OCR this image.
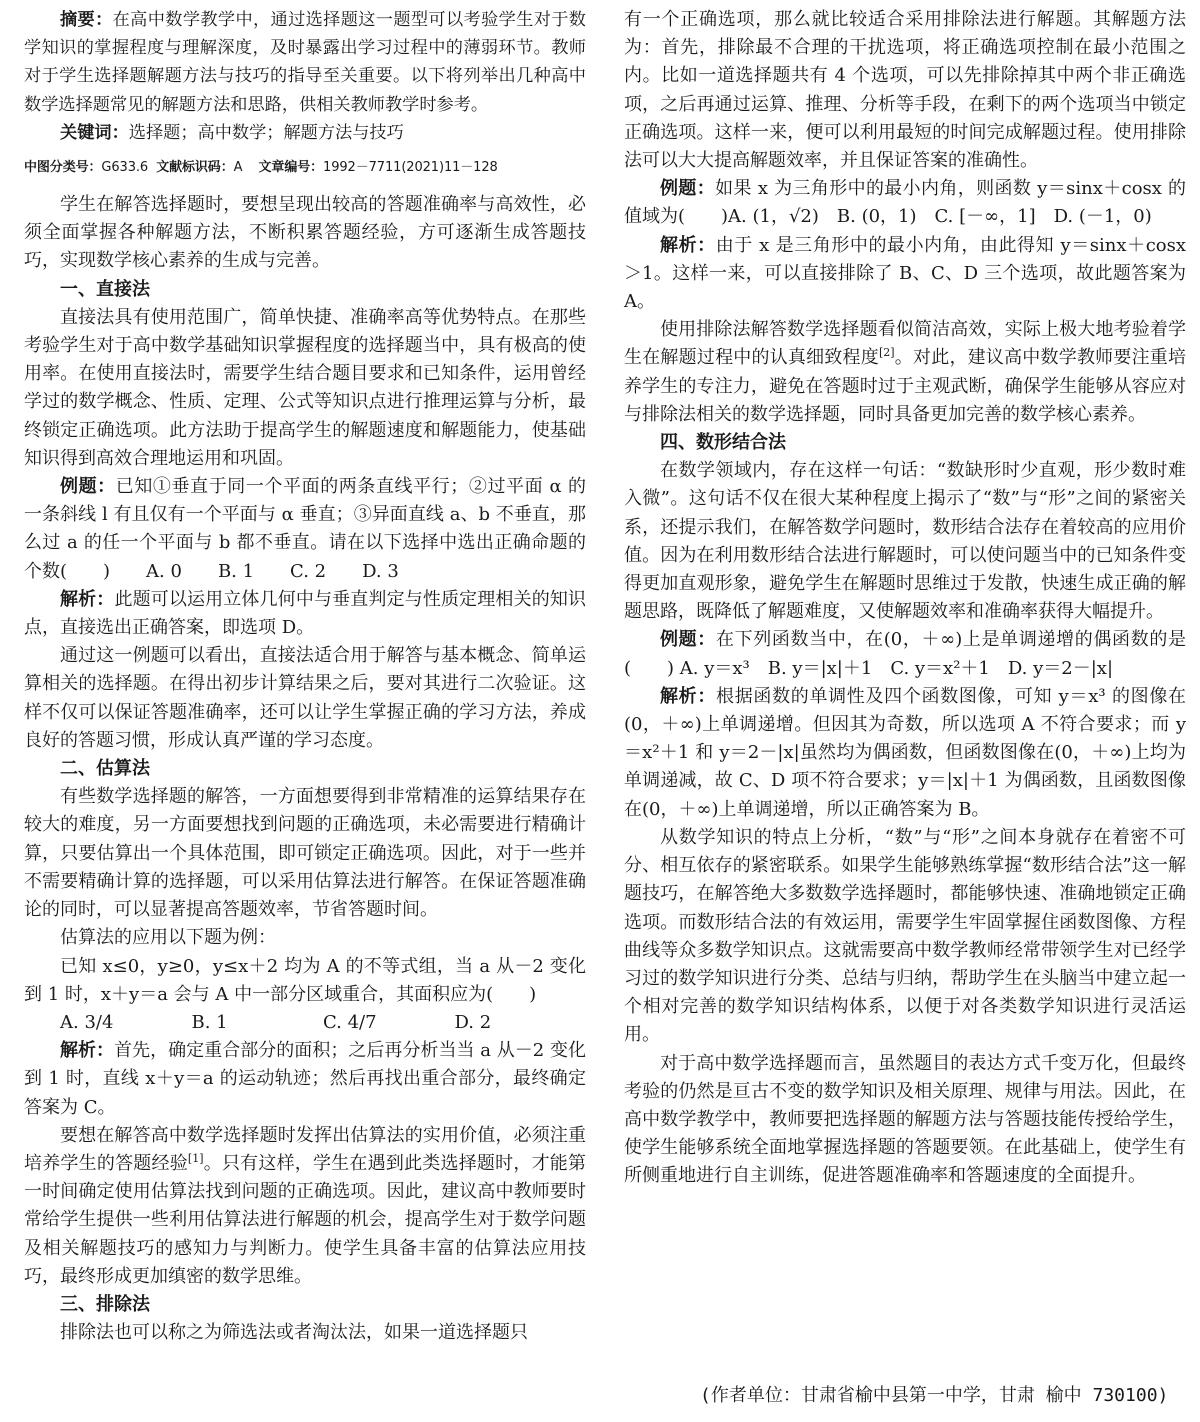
摘要：在高中数学教学中，通过选择题这一题型可以考验学生对于数学知识的掌握程度与理解深度，及时暴露出学习过程中的薄弱环节。教师对于学生选择题解题方法与技巧的指导至关重要。以下将列举出几种高中数学选择题常见的解题方法和思路，供相关教师教学时参考。

关键词：选择题；高中数学；解题方法与技巧

中图分类号：G633.6 文献标识码：A 文章编号：1992－7711(2021)11－128

学生在解答选择题时，要想呈现出较高的答题准确率与高效性，必须全面掌握各种解题方法，不断积累答题经验，方可逐渐生成答题技巧，实现数学核心素养的生成与完善。

一、直接法

直接法具有使用范围广，简单快捷、准确率高等优势特点。在那些考验学生对于高中数学基础知识掌握程度的选择题当中，具有极高的使用率。在使用直接法时，需要学生结合题目要求和已知条件，运用曾经学过的数学概念、性质、定理、公式等知识点进行推理运算与分析，最终锁定正确选项。此方法助于提高学生的解题速度和解题能力，使基础知识得到高效合理地运用和巩固。

例题：已知①垂直于同一个平面的两条直线平行；②过平面 α 的一条斜线 l 有且仅有一个平面与 α 垂直；③异面直线 a、b 不垂直，那么过 a 的任一个平面与 b 都不垂直。请在以下选择中选出正确命题的个数(　　)　　A. 0　　B. 1　　C. 2　　D. 3

解析：此题可以运用立体几何中与垂直判定与性质定理相关的知识点，直接选出正确答案，即选项 D。

通过这一例题可以看出，直接法适合用于解答与基本概念、简单运算相关的选择题。在得出初步计算结果之后，要对其进行二次验证。这样不仅可以保证答题准确率，还可以让学生掌握正确的学习方法，养成良好的答题习惯，形成认真严谨的学习态度。

二、估算法

有些数学选择题的解答，一方面想要得到非常精准的运算结果存在较大的难度，另一方面要想找到问题的正确选项，未必需要进行精确计算，只要估算出一个具体范围，即可锁定正确选项。因此，对于一些并不需要精确计算的选择题，可以采用估算法进行解答。在保证答题准确论的同时，可以显著提高答题效率，节省答题时间。

估算法的应用以下题为例：

已知 x≤0，y≥0，y≤x＋2 均为 A 的不等式组，当 a 从－2 变化到 1 时，x＋y＝a 会与 A 中一部分区域重合，其面积应为(　　)

A. 3/4	B. 1	C. 4/7	D. 2

解析：首先，确定重合部分的面积；之后再分析当当 a 从－2 变化到 1 时，直线 x＋y＝a 的运动轨迹；然后再找出重合部分，最终确定答案为 C。

要想在解答高中数学选择题时发挥出估算法的实用价值，必须注重培养学生的答题经验[1]。只有这样，学生在遇到此类选择题时，才能第一时间确定使用估算法找到问题的正确选项。因此，建议高中教师要时常给学生提供一些利用估算法进行解题的机会，提高学生对于数学问题及相关解题技巧的感知力与判断力。使学生具备丰富的估算法应用技巧，最终形成更加缜密的数学思维。

三、排除法

排除法也可以称之为筛选法或者淘汰法，如果一道选择题只

有一个正确选项，那么就比较适合采用排除法进行解题。其解题方法为：首先，排除最不合理的干扰选项，将正确选项控制在最小范围之内。比如一道选择题共有 4 个选项，可以先排除掉其中两个非正确选项，之后再通过运算、推理、分析等手段，在剩下的两个选项当中锁定正确选项。这样一来，便可以利用最短的时间完成解题过程。使用排除法可以大大提高解题效率，并且保证答案的准确性。

例题：如果 x 为三角形中的最小内角，则函数 y＝sinx＋cosx 的值域为(　　)A. (1，√2)　B. (0，1)　C. [－∞，1]　D. (－1，0)

解析：由于 x 是三角形中的最小内角，由此得知 y＝sinx＋cosx＞1。这样一来，可以直接排除了 B、C、D 三个选项，故此题答案为 A。

使用排除法解答数学选择题看似简洁高效，实际上极大地考验着学生在解题过程中的认真细致程度[2]。对此，建议高中数学教师要注重培养学生的专注力，避免在答题时过于主观武断，确保学生能够从容应对与排除法相关的数学选择题，同时具备更加完善的数学核心素养。

四、数形结合法

在数学领域内，存在这样一句话：“数缺形时少直观，形少数时难入微”。这句话不仅在很大某种程度上揭示了“数”与“形”之间的紧密关系，还提示我们，在解答数学问题时，数形结合法存在着较高的应用价值。因为在利用数形结合法进行解题时，可以使问题当中的已知条件变得更加直观形象，避免学生在解题时思维过于发散，快速生成正确的解题思路，既降低了解题难度，又使解题效率和准确率获得大幅提升。

例题：在下列函数当中，在(0，＋∞)上是单调递增的偶函数的是(　　) A. y＝x³　B. y＝|x|＋1　C. y＝x²＋1　D. y＝2－|x|

解析：根据函数的单调性及四个函数图像，可知 y＝x³ 的图像在(0，＋∞)上单调递增。但因其为奇数，所以选项 A 不符合要求；而 y＝x²＋1 和 y＝2－|x|虽然均为偶函数，但函数图像在(0，＋∞)上均为单调递减，故 C、D 项不符合要求；y＝|x|＋1 为偶函数，且函数图像在(0，＋∞)上单调递增，所以正确答案为 B。

从数学知识的特点上分析，“数”与“形”之间本身就存在着密不可分、相互依存的紧密联系。如果学生能够熟练掌握“数形结合法”这一解题技巧，在解答绝大多数数学选择题时，都能够快速、准确地锁定正确选项。而数形结合法的有效运用，需要学生牢固掌握住函数图像、方程曲线等众多数学知识点。这就需要高中数学教师经常带领学生对已经学习过的数学知识进行分类、总结与归纳，帮助学生在头脑当中建立起一个相对完善的数学知识结构体系，以便于对各类数学知识进行灵活运用。

对于高中数学选择题而言，虽然题目的表达方式千变万化，但最终考验的仍然是亘古不变的数学知识及相关原理、规律与用法。因此，在高中数学教学中，教师要把选择题的解题方法与答题技能传授给学生，使学生能够系统全面地掌握选择题的答题要领。在此基础上，使学生有所侧重地进行自主训练，促进答题准确率和答题速度的全面提升。

(作者单位：甘肃省榆中县第一中学，甘肃 榆中 730100)
